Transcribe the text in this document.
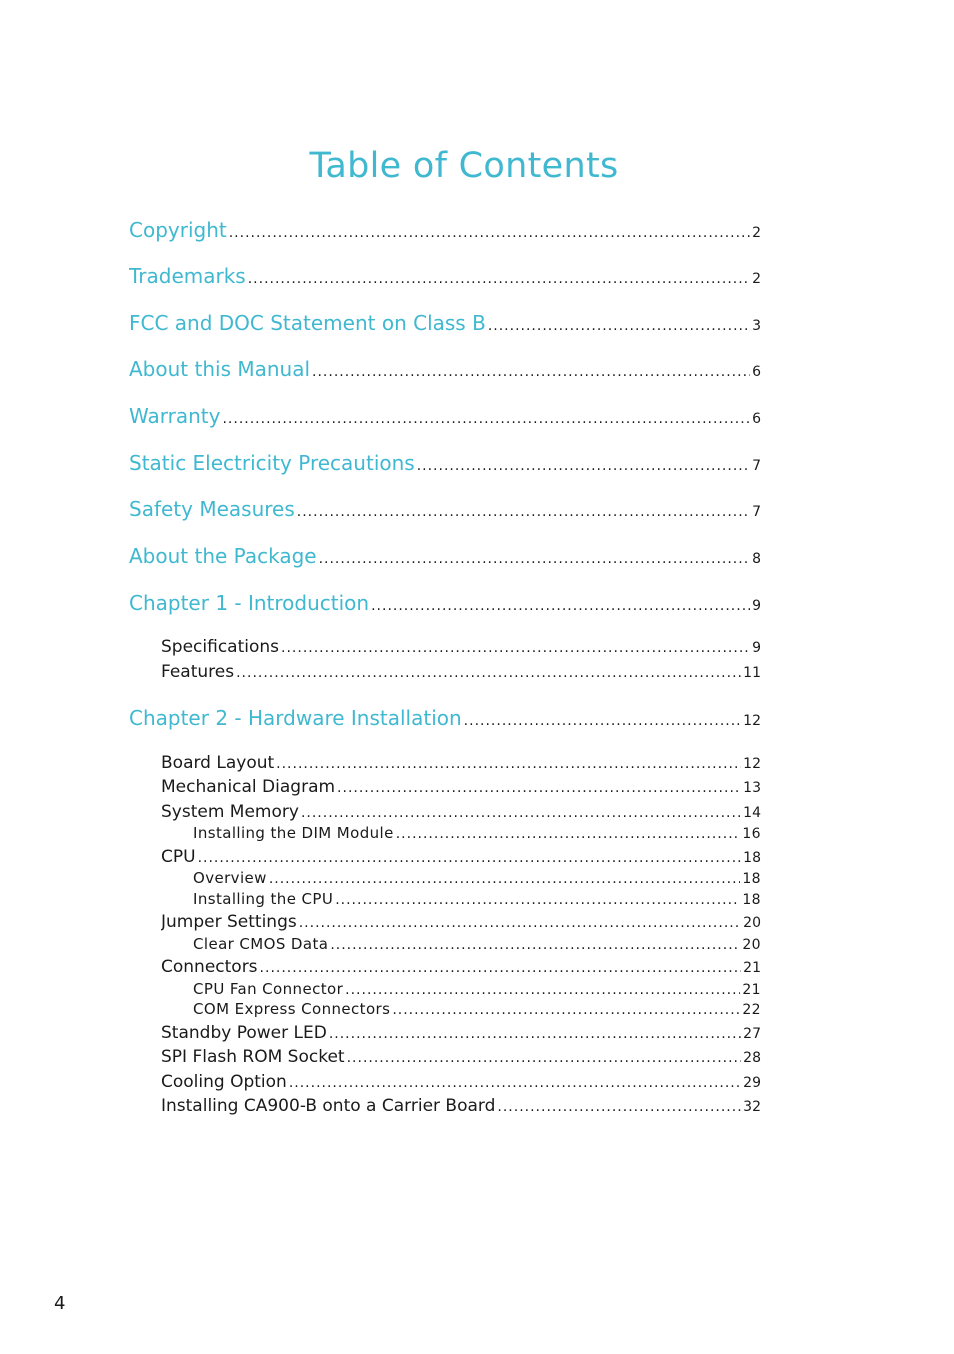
Table of Contents
Copyright .....	2
Trademarks .....	2
FCC and DOC Statement on Class B .....	3
About this Manual .....	6
Warranty .....	6
Static Electricity Precautions .....	7
Safety Measures .....	7
About the Package .....	8
Chapter 1 - Introduction .....	9
Specifications .....	9
Features .....	11
Chapter 2 - Hardware Installation .....	12
Board Layout .....	12
Mechanical Diagram .....	13
System Memory .....	14
Installing the DIM Module .....	16
CPU .....	18
Overview .....	18
Installing the CPU .....	18
Jumper Settings .....	20
Clear CMOS Data .....	20
Connectors .....	21
CPU Fan Connector .....	21
COM Express Connectors .....	22
Standby Power LED .....	27
SPI Flash ROM Socket .....	28
Cooling Option .....	29
Installing CA900-B onto a Carrier Board .....	32
4
